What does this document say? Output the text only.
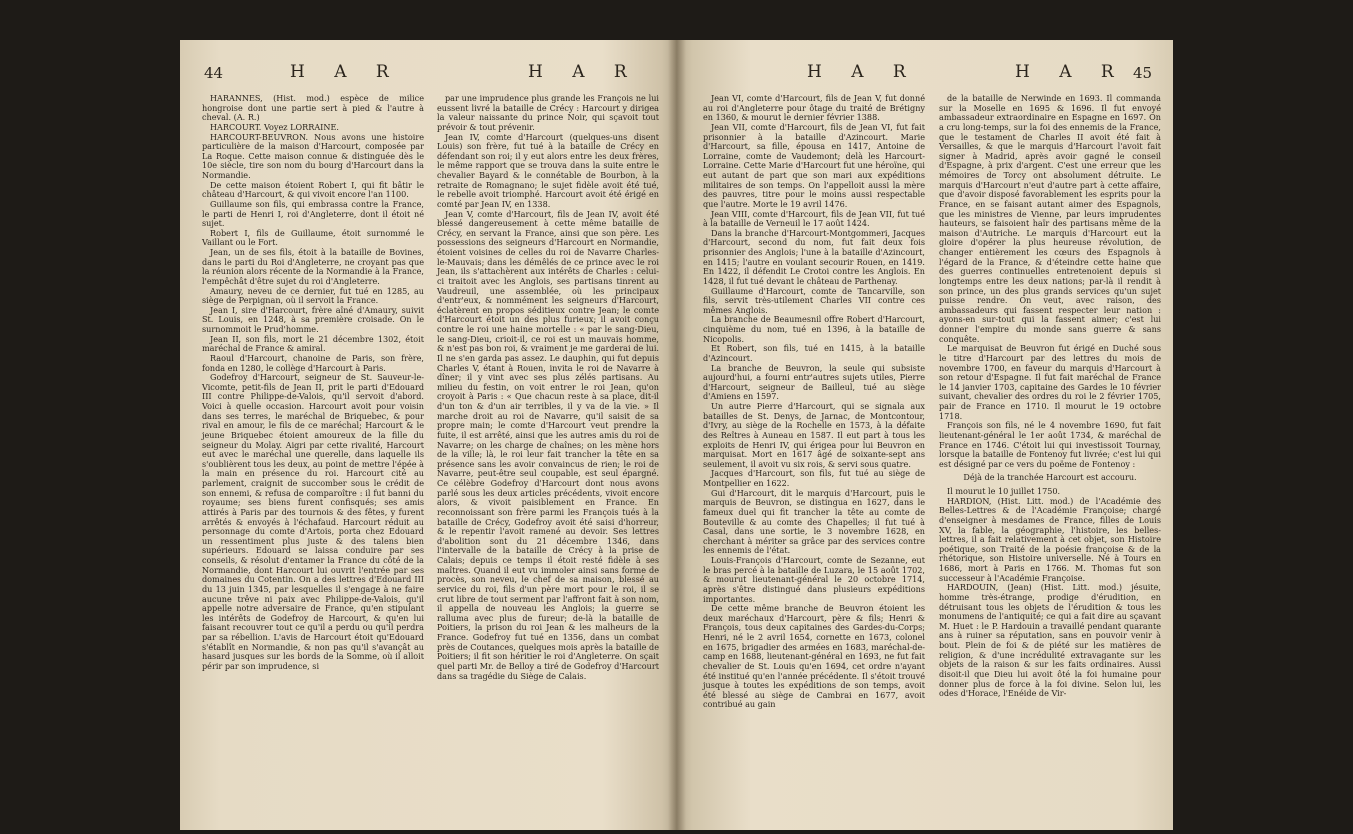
44	H A R	H A R

HARANNES, (Hist. mod.) espèce de milice hongroise dont une partie sert à pied & l'autre à cheval. (A. R.)

HARCOURT. Voyez LORRAINE.

HARCOURT-BEUVRON. Nous avons une histoire particulière de la maison d'Harcourt, composée par La Roque. Cette maison connue & distinguée dès le 10e siècle, tire son nom du bourg d'Harcourt dans la Normandie.

De cette maison étoient Robert I, qui fit bâtir le château d'Harcourt, & qui vivoit encore l'an 1100.

Guillaume son fils, qui embrassa contre la France, le parti de Henri I, roi d'Angleterre, dont il étoit né sujet.

Robert I, fils de Guillaume, étoit surnommé le Vaillant ou le Fort.

Jean, un de ses fils, étoit à la bataille de Bovines, dans le parti du Roi d'Angleterre, ne croyant pas que la réunion alors récente de la Normandie à la France, l'empêchât d'être sujet du roi d'Angleterre.

Amaury, neveu de ce dernier, fut tué en 1285, au siège de Perpignan, où il servoit la France.

Jean I, sire d'Harcourt, frère aîné d'Amaury, suivit St. Louis, en 1248, à sa première croisade. On le surnommoit le Prud'homme.

Jean II, son fils, mort le 21 décembre 1302, étoit maréchal de France & amiral.

Raoul d'Harcourt, chanoine de Paris, son frère, fonda en 1280, le collège d'Harcourt à Paris.

Godefroy d'Harcourt, seigneur de St. Sauveur-le-Vicomte, petit-fils de Jean II, prit le parti d'Edouard III contre Philippe-de-Valois, qu'il servoit d'abord. Voici à quelle occasion. Harcourt avoit pour voisin dans ses terres, le maréchal de Briquebec, & pour rival en amour, le fils de ce maréchal; Harcourt & le jeune Briquebec étoient amoureux de la fille du seigneur du Molay. Aigri par cette rivalité, Harcourt eut avec le maréchal une querelle, dans laquelle ils s'oublièrent tous les deux, au point de mettre l'épée à la main en présence du roi. Harcourt cité au parlement, craignit de succomber sous le crédit de son ennemi, & refusa de comparoître : il fut banni du royaume; ses biens furent confisqués; ses amis attirés à Paris par des tournois & des fêtes, y furent arrêtés & envoyés à l'échafaud. Harcourt réduit au personnage du comte d'Artois, porta chez Edouard un ressentiment plus juste & des talens bien supérieurs. Edouard se laissa conduire par ses conseils, & résolut d'entamer la France du côté de la Normandie, dont Harcourt lui ouvrit l'entrée par ses domaines du Cotentin. On a des lettres d'Edouard III du 13 juin 1345, par lesquelles il s'engage à ne faire aucune trêve ni paix avec Philippe-de-Valois, qu'il appelle notre adversaire de France, qu'en stipulant les intérêts de Godefroy de Harcourt, & qu'en lui faisant recouvrer tout ce qu'il a perdu ou qu'il perdra par sa rébellion. L'avis de Harcourt étoit qu'Edouard s'établît en Normandie, & non pas qu'il s'avançât au hasard jusques sur les bords de la Somme, où il alloit périr par son imprudence, si

par une imprudence plus grande les François ne lui eussent livré la bataille de Crécy : Harcourt y dirigea la valeur naissante du prince Noir, qui sçavoit tout prévoir & tout prévenir.

Jean IV, comte d'Harcourt (quelques-uns disent Louis) son frère, fut tué à la bataille de Crécy en défendant son roi; il y eut alors entre les deux frères, le même rapport que se trouva dans la suite entre le chevalier Bayard & le connétable de Bourbon, à la retraite de Romagnano; le sujet fidèle avoit été tué, le rebelle avoit triomphé. Harcourt avoit été érigé en comté par Jean IV, en 1338.

Jean V, comte d'Harcourt, fils de Jean IV, avoit été blessé dangereusement à cette même bataille de Crécy, en servant la France, ainsi que son père. Les possessions des seigneurs d'Harcourt en Normandie, étoient voisines de celles du roi de Navarre Charles-le-Mauvais; dans les démêlés de ce prince avec le roi Jean, ils s'attachèrent aux intérêts de Charles : celui-ci traitoit avec les Anglois, ses partisans tinrent au Vaudreuil, une assemblée, où les principaux d'entr'eux, & nommément les seigneurs d'Harcourt, éclatèrent en propos séditieux contre Jean; le comte d'Harcourt étoit un des plus furieux; il avoit conçu contre le roi une haine mortelle : « par le sang-Dieu, le sang-Dieu, crioit-il, ce roi est un mauvais homme, & n'est pas bon roi, & vraiment je me garderai de lui. Il ne s'en garda pas assez. Le dauphin, qui fut depuis Charles V, étant à Rouen, invita le roi de Navarre à dîner; il y vint avec ses plus zélés partisans. Au milieu du festin, on voit entrer le roi Jean, qu'on croyoit à Paris : « Que chacun reste à sa place, dit-il d'un ton & d'un air terribles, il y va de la vie. » Il marche droit au roi de Navarre, qu'il saisit de sa propre main; le comte d'Harcourt veut prendre la fuite, il est arrêté, ainsi que les autres amis du roi de Navarre; on les charge de chaînes; on les mène hors de la ville; là, le roi leur fait trancher la tête en sa présence sans les avoir convaincus de rien; le roi de Navarre, peut-être seul coupable, est seul épargné. Ce célèbre Godefroy d'Harcourt dont nous avons parlé sous les deux articles précédents, vivoit encore alors, & vivoit paisiblement en France. En reconnoissant son frère parmi les François tués à la bataille de Crécy, Godefroy avoit été saisi d'horreur, & le repentir l'avoit ramené au devoir. Ses lettres d'abolition sont du 21 décembre 1346, dans l'intervalle de la bataille de Crécy à la prise de Calais; depuis ce temps il étoit resté fidèle à ses maîtres. Quand il eut vu immoler ainsi sans forme de procès, son neveu, le chef de sa maison, blessé au service du roi, fils d'un père mort pour le roi, il se crut libre de tout serment par l'affront fait à son nom, il appella de nouveau les Anglois; la guerre se ralluma avec plus de fureur; de-là la bataille de Poitiers, la prison du roi Jean & les malheurs de la France. Godefroy fut tué en 1356, dans un combat près de Coutances, quelques mois après la bataille de Poitiers; il fit son héritier le roi d'Angleterre. On sçait quel parti Mr. de Belloy a tiré de Godefroy d'Harcourt dans sa tragédie du Siège de Calais.

H A R	H A R 45

Jean VI, comte d'Harcourt, fils de Jean V, fut donné au roi d'Angleterre pour ôtage du traité de Brétigny en 1360, & mourut le dernier février 1388.

Jean VII, comte d'Harcourt, fils de Jean VI, fut fait prisonnier à la bataille d'Azincourt. Marie d'Harcourt, sa fille, épousa en 1417, Antoine de Lorraine, comte de Vaudemont; delà les Harcourt-Lorraine. Cette Marie d'Harcourt fut une héroïne, qui eut autant de part que son mari aux expéditions militaires de son temps. On l'appelloit aussi la mère des pauvres, titre pour le moins aussi respectable que l'autre. Morte le 19 avril 1476.

Jean VIII, comte d'Harcourt, fils de Jean VII, fut tué à la bataille de Verneuil le 17 août 1424.

Dans la branche d'Harcourt-Montgommeri, Jacques d'Harcourt, second du nom, fut fait deux fois prisonnier des Anglois; l'une à la bataille d'Azincourt, en 1415; l'autre en voulant secourir Rouen, en 1419. En 1422, il défendit Le Crotoi contre les Anglois. En 1428, il fut tué devant le château de Parthenay.

Guillaume d'Harcourt, comte de Tancarville, son fils, servit très-utilement Charles VII contre ces mêmes Anglois.

La branche de Beaumesnil offre Robert d'Harcourt, cinquième du nom, tué en 1396, à la bataille de Nicopolis.

Et Robert, son fils, tué en 1415, à la bataille d'Azincourt.

La branche de Beuvron, la seule qui subsiste aujourd'hui, a fourni entr'autres sujets utiles, Pierre d'Harcourt, seigneur de Bailleul, tué au siège d'Amiens en 1597.

Un autre Pierre d'Harcourt, qui se signala aux batailles de St. Denys, de Jarnac, de Montcontour, d'Ivry, au siège de la Rochelle en 1573, à la défaite des Reîtres à Auneau en 1587. Il eut part à tous les exploits de Henri IV, qui érigea pour lui Beuvron en marquisat. Mort en 1617 âgé de soixante-sept ans seulement, il avoit vu six rois, & servi sous quatre.

Jacques d'Harcourt, son fils, fut tué au siège de Montpellier en 1622.

Gui d'Harcourt, dit le marquis d'Harcourt, puis le marquis de Beuvron, se distingua en 1627, dans le fameux duel qui fit trancher la tête au comte de Bouteville & au comte des Chapelles; il fut tué à Casal, dans une sortie, le 3 novembre 1628, en cherchant à mériter sa grâce par des services contre les ennemis de l'état.

Louis-François d'Harcourt, comte de Sezanne, eut le bras percé à la bataille de Luzara, le 15 août 1702, & mourut lieutenant-général le 20 octobre 1714, après s'être distingué dans plusieurs expéditions importantes.

De cette même branche de Beuvron étoient les deux maréchaux d'Harcourt, père & fils; Henri & François, tous deux capitaines des Gardes-du-Corps; Henri, né le 2 avril 1654, cornette en 1673, colonel en 1675, brigadier des armées en 1683, maréchal-de-camp en 1688, lieutenant-général en 1693, ne fut fait chevalier de St. Louis qu'en 1694, cet ordre n'ayant été institué qu'en l'année précédente. Il s'étoit trouvé jusque à toutes les expéditions de son temps, avoit été blessé au siège de Cambrai en 1677, avoit contribué au gain

de la bataille de Nerwinde en 1693. Il commanda sur la Moselle en 1695 & 1696. Il fut envoyé ambassadeur extraordinaire en Espagne en 1697. On a cru long-temps, sur la foi des ennemis de la France, que le testament de Charles II avoit été fait à Versailles, & que le marquis d'Harcourt l'avoit fait signer à Madrid, après avoir gagné le conseil d'Espagne, à prix d'argent. C'est une erreur que les mémoires de Torcy ont absolument détruite. Le marquis d'Harcourt n'eut d'autre part à cette affaire, que d'avoir disposé favorablement les esprits pour la France, en se faisant autant aimer des Espagnols, que les ministres de Vienne, par leurs imprudentes hauteurs, se faisoient haïr des partisans même de la maison d'Autriche. Le marquis d'Harcourt eut la gloire d'opérer la plus heureuse révolution, de changer entièrement les cœurs des Espagnols à l'égard de la France, & d'éteindre cette haine que des guerres continuelles entretenoient depuis si longtemps entre les deux nations; par-là il rendit à son prince, un des plus grands services qu'un sujet puisse rendre. On veut, avec raison, des ambassadeurs qui fassent respecter leur nation : ayons-en sur-tout qui la fassent aimer; c'est lui donner l'empire du monde sans guerre & sans conquête.

Le marquisat de Beuvron fut érigé en Duché sous le titre d'Harcourt par des lettres du mois de novembre 1700, en faveur du marquis d'Harcourt à son retour d'Espagne. Il fut fait maréchal de France le 14 janvier 1703, capitaine des Gardes le 10 février suivant, chevalier des ordres du roi le 2 février 1705, pair de France en 1710. Il mourut le 19 octobre 1718.

François son fils, né le 4 novembre 1690, fut fait lieutenant-général le 1er août 1734, & maréchal de France en 1746. C'étoit lui qui investissoit Tournay, lorsque la bataille de Fontenoy fut livrée; c'est lui qui est désigné par ce vers du poëme de Fontenoy :

Déjà de la tranchée Harcourt est accouru.

Il mourut le 10 juillet 1750.

HARDION, (Hist. Litt. mod.) de l'Académie des Belles-Lettres & de l'Académie Françoise; chargé d'enseigner à mesdames de France, filles de Louis XV, la fable, la géographie, l'histoire, les belles-lettres, il a fait relativement à cet objet, son Histoire poétique, son Traité de la poésie françoise & de la rhétorique, son Histoire universelle. Né à Tours en 1686, mort à Paris en 1766. M. Thomas fut son successeur à l'Académie Françoise.

HARDOUIN, (Jean) (Hist. Litt. mod.) jésuite, homme très-étrange, prodige d'érudition, en détruisant tous les objets de l'érudition & tous les monumens de l'antiquité; ce qui a fait dire au sçavant M. Huet : le P. Hardouin a travaillé pendant quarante ans à ruiner sa réputation, sans en pouvoir venir à bout. Plein de foi & de piété sur les matières de religion, & d'une incrédulité extravagante sur les objets de la raison & sur les faits ordinaires. Aussi disoit-il que Dieu lui avoit ôté la foi humaine pour donner plus de force à la foi divine. Selon lui, les odes d'Horace, l'Enéide de Vir-
